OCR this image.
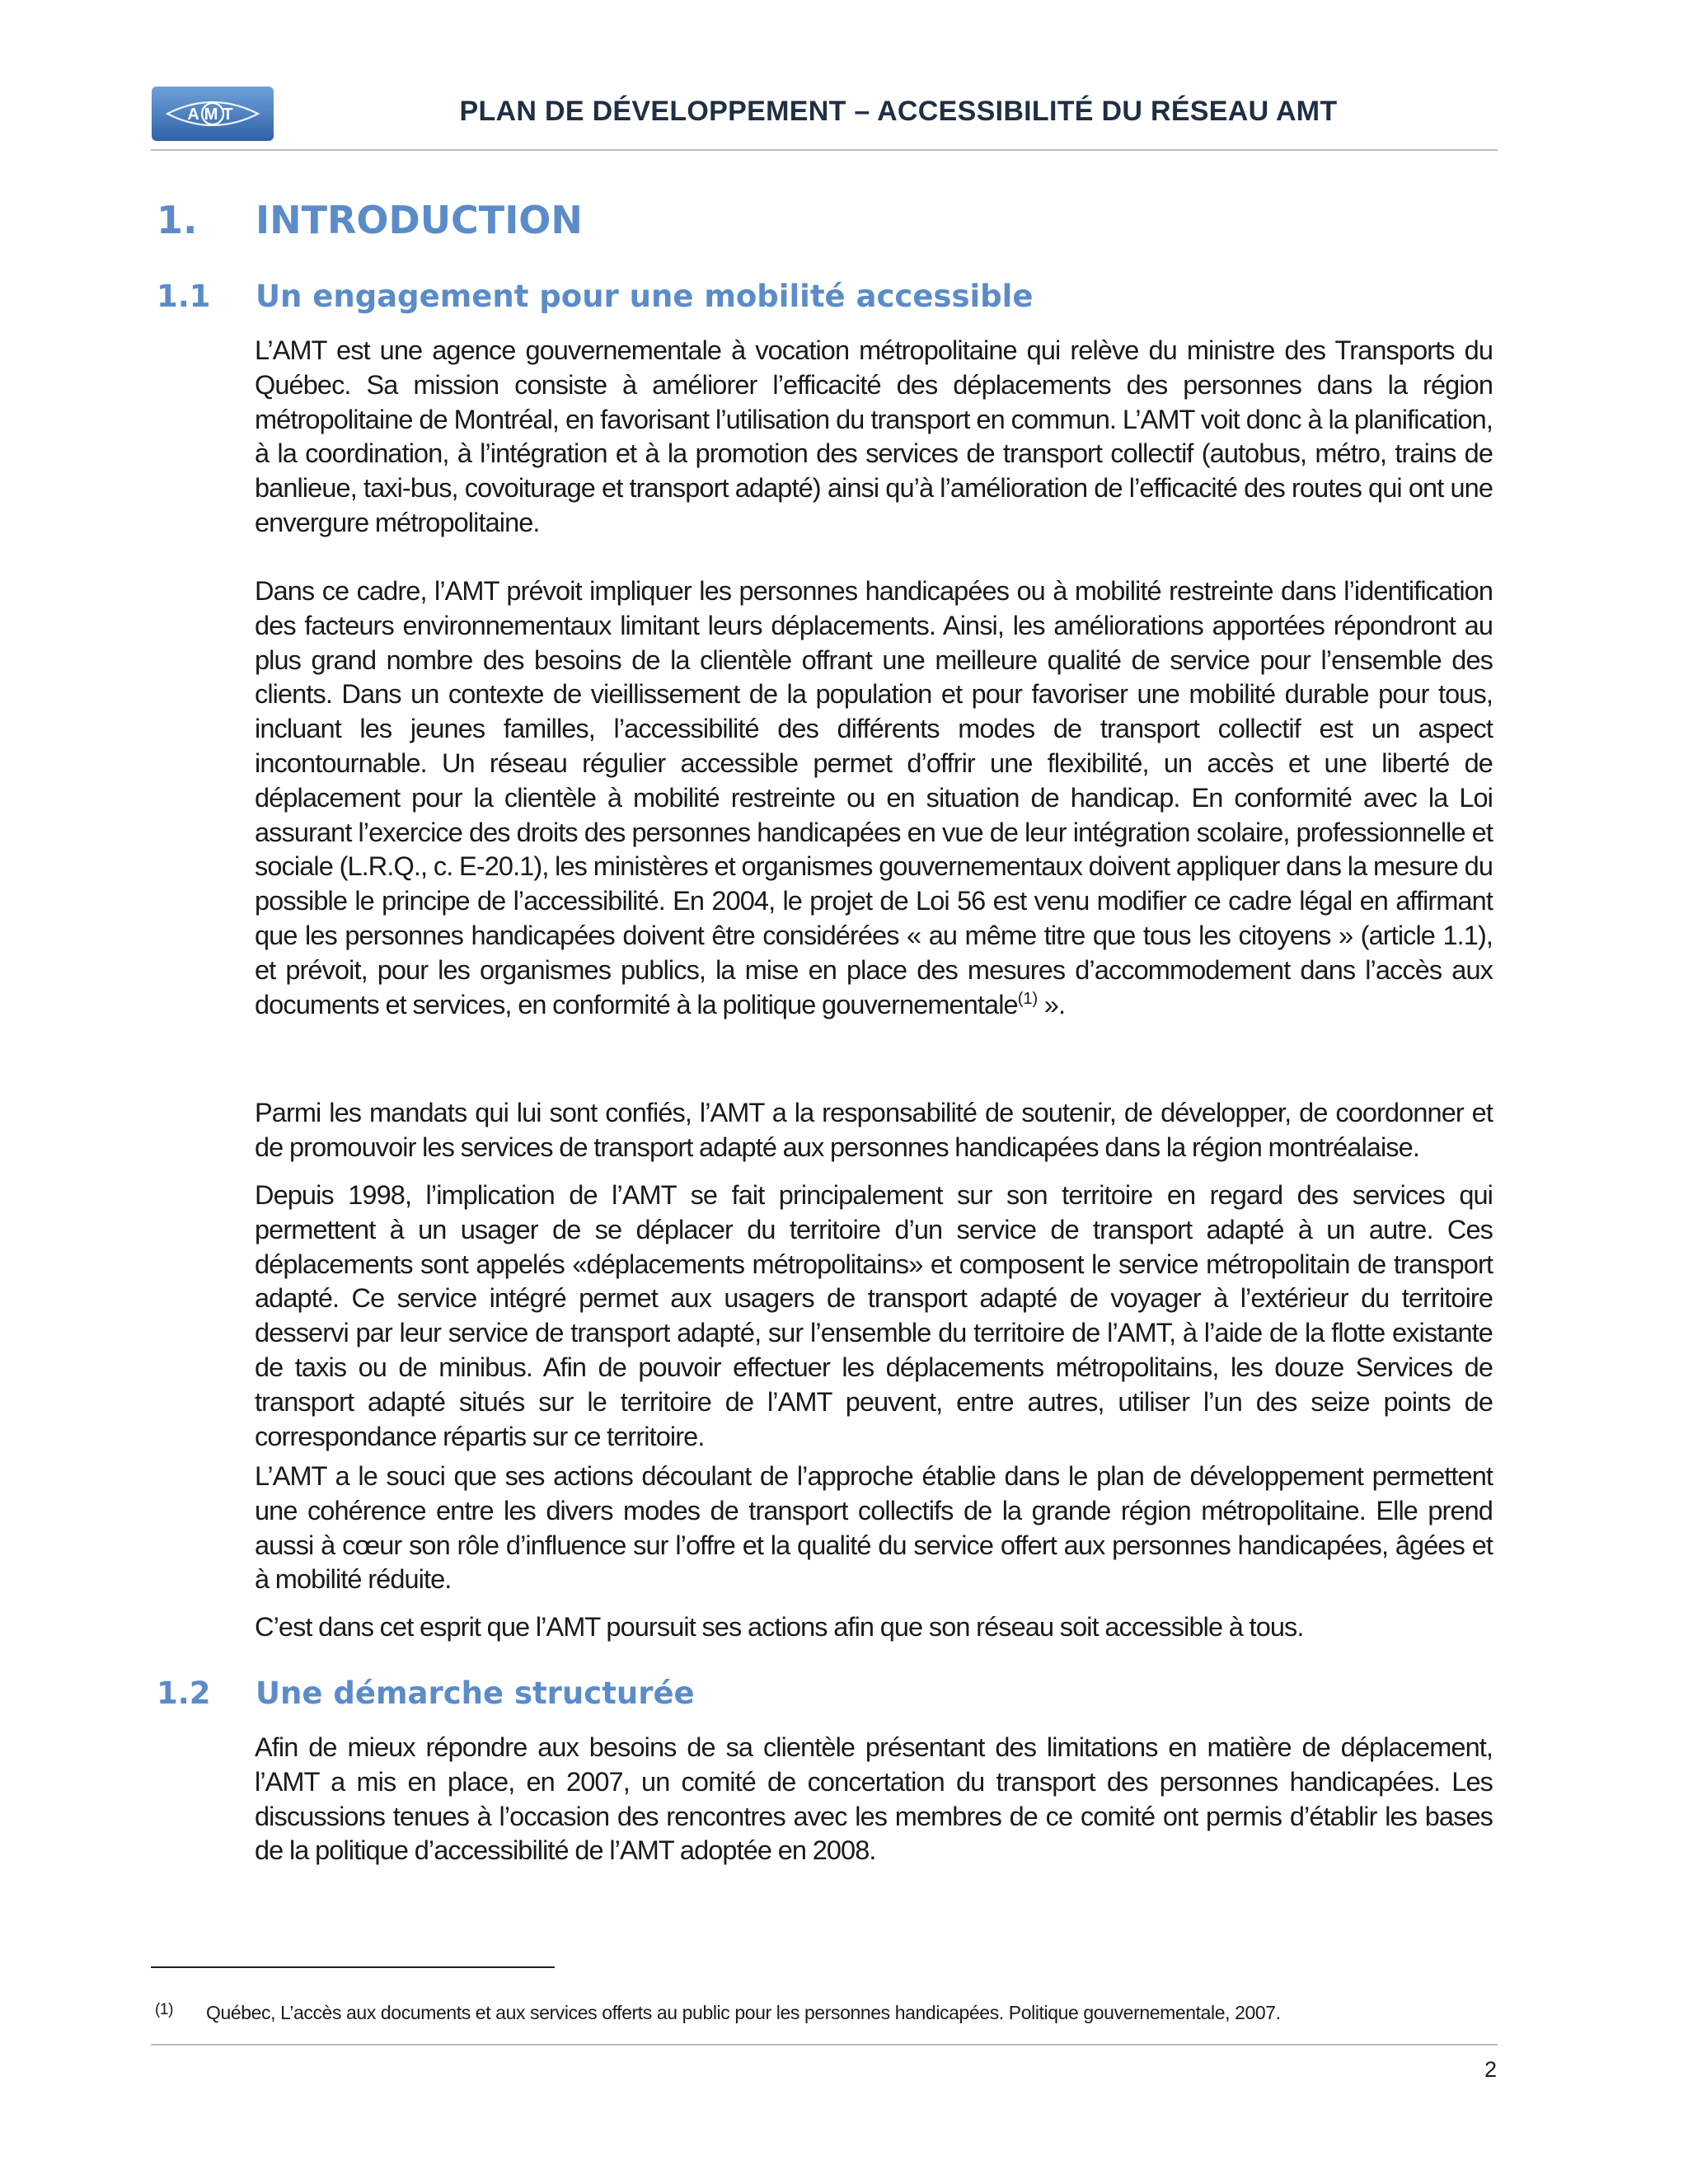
AMT	PLAN DE DÉVELOPPEMENT – ACCESSIBILITÉ DU RÉSEAU AMT
1. INTRODUCTION
1.1 Un engagement pour une mobilité accessible

L’AMT est une agence gouvernementale à vocation métropolitaine qui relève du ministre des Transports du Québec. Sa mission consiste à améliorer l’efficacité des déplacements des personnes dans la région métropolitaine de Montréal, en favorisant l’utilisation du transport en commun. L’AMT voit donc à la planification, à la coordination, à l’intégration et à la promotion des services de transport collectif (autobus, métro, trains de banlieue, taxi-bus, covoiturage et transport adapté) ainsi qu’à l’amélioration de l’efficacité des routes qui ont une envergure métropolitaine.

Dans ce cadre, l’AMT prévoit impliquer les personnes handicapées ou à mobilité restreinte dans l’identification des facteurs environnementaux limitant leurs déplacements. Ainsi, les améliorations apportées répondront au plus grand nombre des besoins de la clientèle offrant une meilleure qualité de service pour l’ensemble des clients. Dans un contexte de vieillissement de la population et pour favoriser une mobilité durable pour tous, incluant les jeunes familles, l’accessibilité des différents modes de transport collectif est un aspect incontournable. Un réseau régulier accessible permet d’offrir une flexibilité, un accès et une liberté de déplacement pour la clientèle à mobilité restreinte ou en situation de handicap. En conformité avec la Loi assurant l’exercice des droits des personnes handicapées en vue de leur intégration scolaire, professionnelle et sociale (L.R.Q., c. E-20.1), les ministères et organismes gouvernementaux doivent appliquer dans la mesure du possible le principe de l’accessibilité. En 2004, le projet de Loi 56 est venu modifier ce cadre légal en affirmant que les personnes handicapées doivent être considérées « au même titre que tous les citoyens » (article 1.1), et prévoit, pour les organismes publics, la mise en place des mesures d’accommodement dans l’accès aux documents et services, en conformité à la politique gouvernementale$^{(1)}$ ».

Parmi les mandats qui lui sont confiés, l’AMT a la responsabilité de soutenir, de développer, de coordonner et de promouvoir les services de transport adapté aux personnes handicapées dans la région montréalaise.

Depuis 1998, l’implication de l’AMT se fait principalement sur son territoire en regard des services qui permettent à un usager de se déplacer du territoire d’un service de transport adapté à un autre. Ces déplacements sont appelés «déplacements métropolitains» et composent le service métropolitain de transport adapté. Ce service intégré permet aux usagers de transport adapté de voyager à l’extérieur du territoire desservi par leur service de transport adapté, sur l’ensemble du territoire de l’AMT, à l’aide de la flotte existante de taxis ou de minibus. Afin de pouvoir effectuer les déplacements métropolitains, les douze Services de transport adapté situés sur le territoire de l’AMT peuvent, entre autres, utiliser l’un des seize points de correspondance répartis sur ce territoire.

L’AMT a le souci que ses actions découlant de l’approche établie dans le plan de développement permettent une cohérence entre les divers modes de transport collectifs de la grande région métropolitaine. Elle prend aussi à cœur son rôle d’influence sur l’offre et la qualité du service offert aux personnes handicapées, âgées et à mobilité réduite.

C’est dans cet esprit que l’AMT poursuit ses actions afin que son réseau soit accessible à tous.

1.2 Une démarche structurée

Afin de mieux répondre aux besoins de sa clientèle présentant des limitations en matière de déplacement, l’AMT a mis en place, en 2007, un comité de concertation du transport des personnes handicapées. Les discussions tenues à l’occasion des rencontres avec les membres de ce comité ont permis d’établir les bases de la politique d’accessibilité de l’AMT adoptée en 2008.

(1) Québec, L’accès aux documents et aux services offerts au public pour les personnes handicapées. Politique gouvernementale, 2007.
2
